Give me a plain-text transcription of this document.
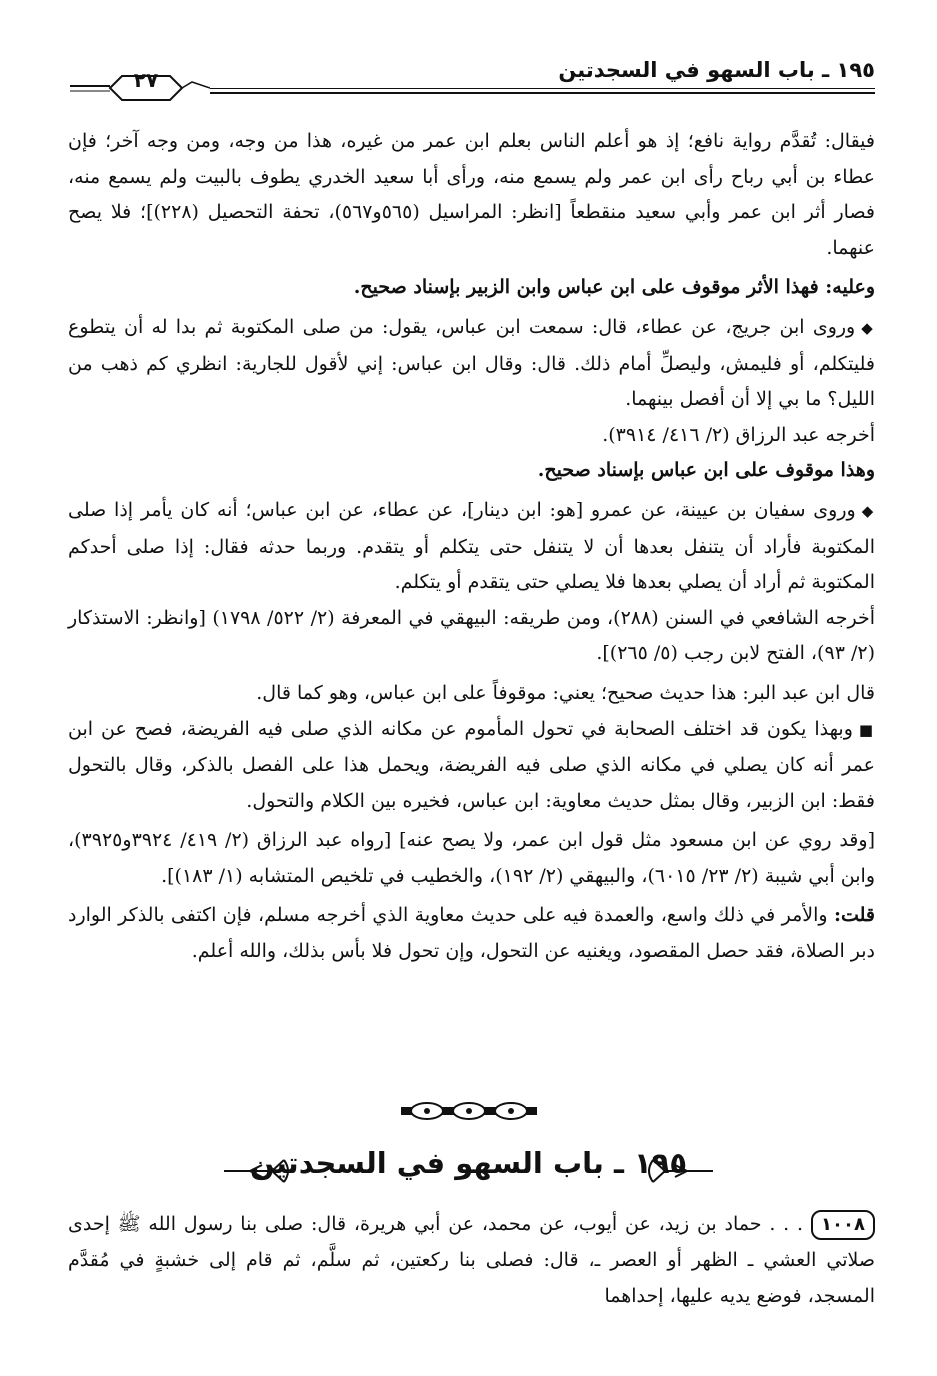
١٩٥ ـ باب السهو في السجدتين
٢٧

فيقال: تُقدَّم رواية نافع؛ إذ هو أعلم الناس بعلم ابن عمر من غيره، هذا من وجه، ومن وجه آخر؛ فإن عطاء بن أبي رباح رأى ابن عمر ولم يسمع منه، ورأى أبا سعيد الخدري يطوف بالبيت ولم يسمع منه، فصار أثر ابن عمر وأبي سعيد منقطعاً [انظر: المراسيل (٥٦٥و٥٦٧)، تحفة التحصيل (٢٢٨)]؛ فلا يصح عنهما.

وعليه: فهذا الأثر موقوف على ابن عباس وابن الزبير بإسناد صحيح.

◆وروى ابن جريج، عن عطاء، قال: سمعت ابن عباس، يقول: من صلى المكتوبة ثم بدا له أن يتطوع فليتكلم، أو فليمش، وليصلِّ أمام ذلك. قال: وقال ابن عباس: إني لأقول للجارية: انظري كم ذهب من الليل؟ ما بي إلا أن أفصل بينهما.

أخرجه عبد الرزاق (٢/ ٤١٦/ ٣٩١٤).

وهذا موقوف على ابن عباس بإسناد صحيح.

◆وروى سفيان بن عيينة، عن عمرو [هو: ابن دينار]، عن عطاء، عن ابن عباس؛ أنه كان يأمر إذا صلى المكتوبة فأراد أن يتنفل بعدها أن لا يتنفل حتى يتكلم أو يتقدم. وربما حدثه فقال: إذا صلى أحدكم المكتوبة ثم أراد أن يصلي بعدها فلا يصلي حتى يتقدم أو يتكلم.

أخرجه الشافعي في السنن (٢٨٨)، ومن طريقه: البيهقي في المعرفة (٢/ ٥٢٢/ ١٧٩٨) [وانظر: الاستذكار (٢/ ٩٣)، الفتح لابن رجب (٥/ ٢٦٥)].

قال ابن عبد البر: هذا حديث صحيح؛ يعني: موقوفاً على ابن عباس، وهو كما قال.

■وبهذا يكون قد اختلف الصحابة في تحول المأموم عن مكانه الذي صلى فيه الفريضة، فصح عن ابن عمر أنه كان يصلي في مكانه الذي صلى فيه الفريضة، ويحمل هذا على الفصل بالذكر، وقال بالتحول فقط: ابن الزبير، وقال بمثل حديث معاوية: ابن عباس، فخيره بين الكلام والتحول.

[وقد روي عن ابن مسعود مثل قول ابن عمر، ولا يصح عنه] [رواه عبد الرزاق (٢/ ٤١٩/ ٣٩٢٤و٣٩٢٥)، وابن أبي شيبة (٢/ ٢٣/ ٦٠١٥)، والبيهقي (٢/ ١٩٢)، والخطيب في تلخيص المتشابه (١/ ١٨٣)].

قلت: والأمر في ذلك واسع، والعمدة فيه على حديث معاوية الذي أخرجه مسلم، فإن اكتفى بالذكر الوارد دبر الصلاة، فقد حصل المقصود، ويغنيه عن التحول، وإن تحول فلا بأس بذلك، والله أعلم.

١٩٥ ـ باب السهو في السجدتين

١٠٠٨. . . حماد بن زيد، عن أيوب، عن محمد، عن أبي هريرة، قال: صلى بنا رسول الله ﷺ إحدى صلاتي العشي ـ الظهر أو العصر ـ، قال: فصلى بنا ركعتين، ثم سلَّم، ثم قام إلى خشبةٍ في مُقدَّم المسجد، فوضع يديه عليها، إحداهما
